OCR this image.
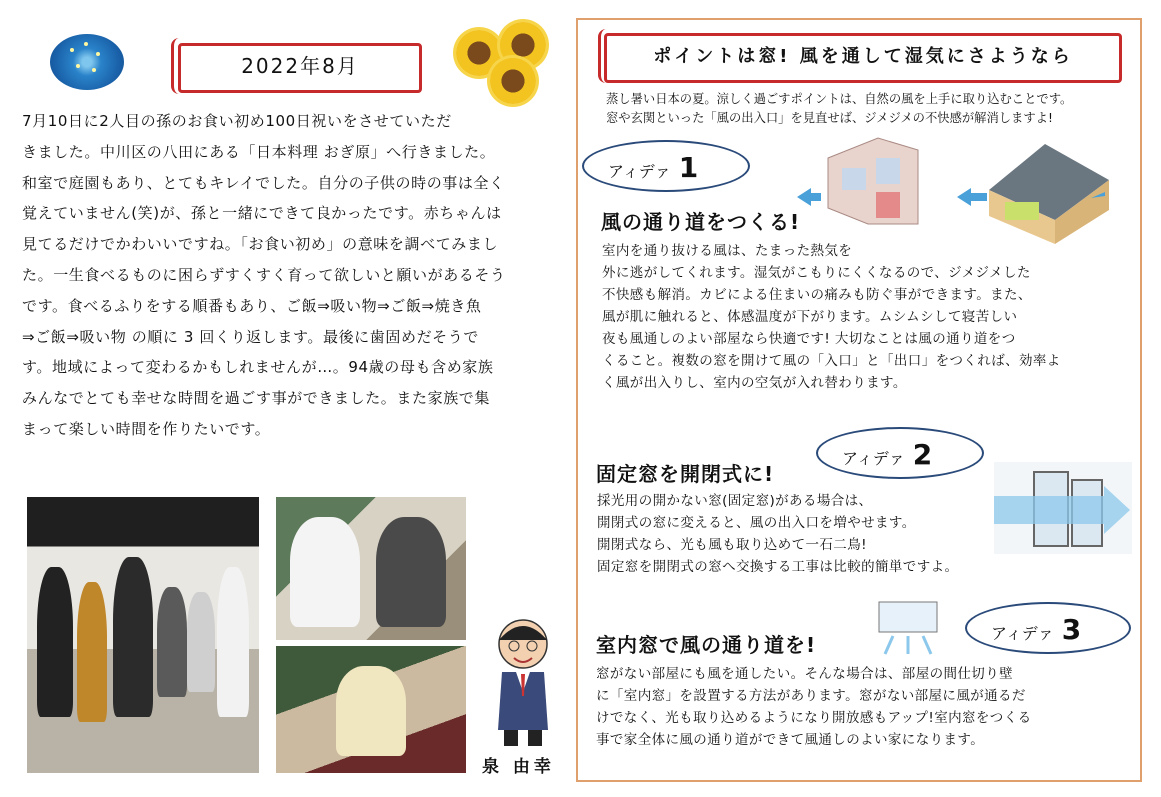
2022年8月
7月10日に2人目の孫のお食い初め100日祝いをさせていただ
きました。中川区の八田にある「日本料理 おぎ原」へ行きました。
和室で庭園もあり、とてもキレイでした。自分の子供の時の事は全く
覚えていません(笑)が、孫と一緒にできて良かったです。赤ちゃんは
見てるだけでかわいいですね。「お食い初め」の意味を調べてみまし
た。一生食べるものに困らずすくすく育って欲しいと願いがあるそう
です。食べるふりをする順番もあり、ご飯⇒吸い物⇒ご飯⇒焼き魚
⇒ご飯⇒吸い物 の順に 3 回くり返します。最後に歯固めだそうで
す。地域によって変わるかもしれませんが…。94歳の母も含め家族
みんなでとても幸せな時間を過ごす事ができました。また家族で集
まって楽しい時間を作りたいです。
泉 由幸
ポイントは窓! 風を通して湿気にさようなら
蒸し暑い日本の夏。涼しく過ごすポイントは、自然の風を上手に取り込むことです。
窓や玄関といった「風の出入口」を見直せば、ジメジメの不快感が解消しますよ!
アィデァ 1
風の通り道をつくる!
室内を通り抜ける風は、たまった熱気を
外に逃がしてくれます。湿気がこもりにくくなるので、ジメジメした
不快感も解消。カビによる住まいの痛みも防ぐ事ができます。また、
風が肌に触れると、体感温度が下がります。ムシムシして寝苦しい
夜も風通しのよい部屋なら快適です! 大切なことは風の通り道をつ
くること。複数の窓を開けて風の「入口」と「出口」をつくれば、効率よ
く風が出入りし、室内の空気が入れ替わります。
アィデァ 2
固定窓を開閉式に!
採光用の開かない窓(固定窓)がある場合は、
開閉式の窓に変えると、風の出入口を増やせます。
開閉式なら、光も風も取り込めて一石二鳥!
固定窓を開閉式の窓へ交換する工事は比較的簡単ですよ。
アィデァ 3
室内窓で風の通り道を!
窓がない部屋にも風を通したい。そんな場合は、部屋の間仕切り壁
に「室内窓」を設置する方法があります。窓がない部屋に風が通るだ
けでなく、光も取り込めるようになり開放感もアップ!室内窓をつくる
事で家全体に風の通り道ができて風通しのよい家になります。
